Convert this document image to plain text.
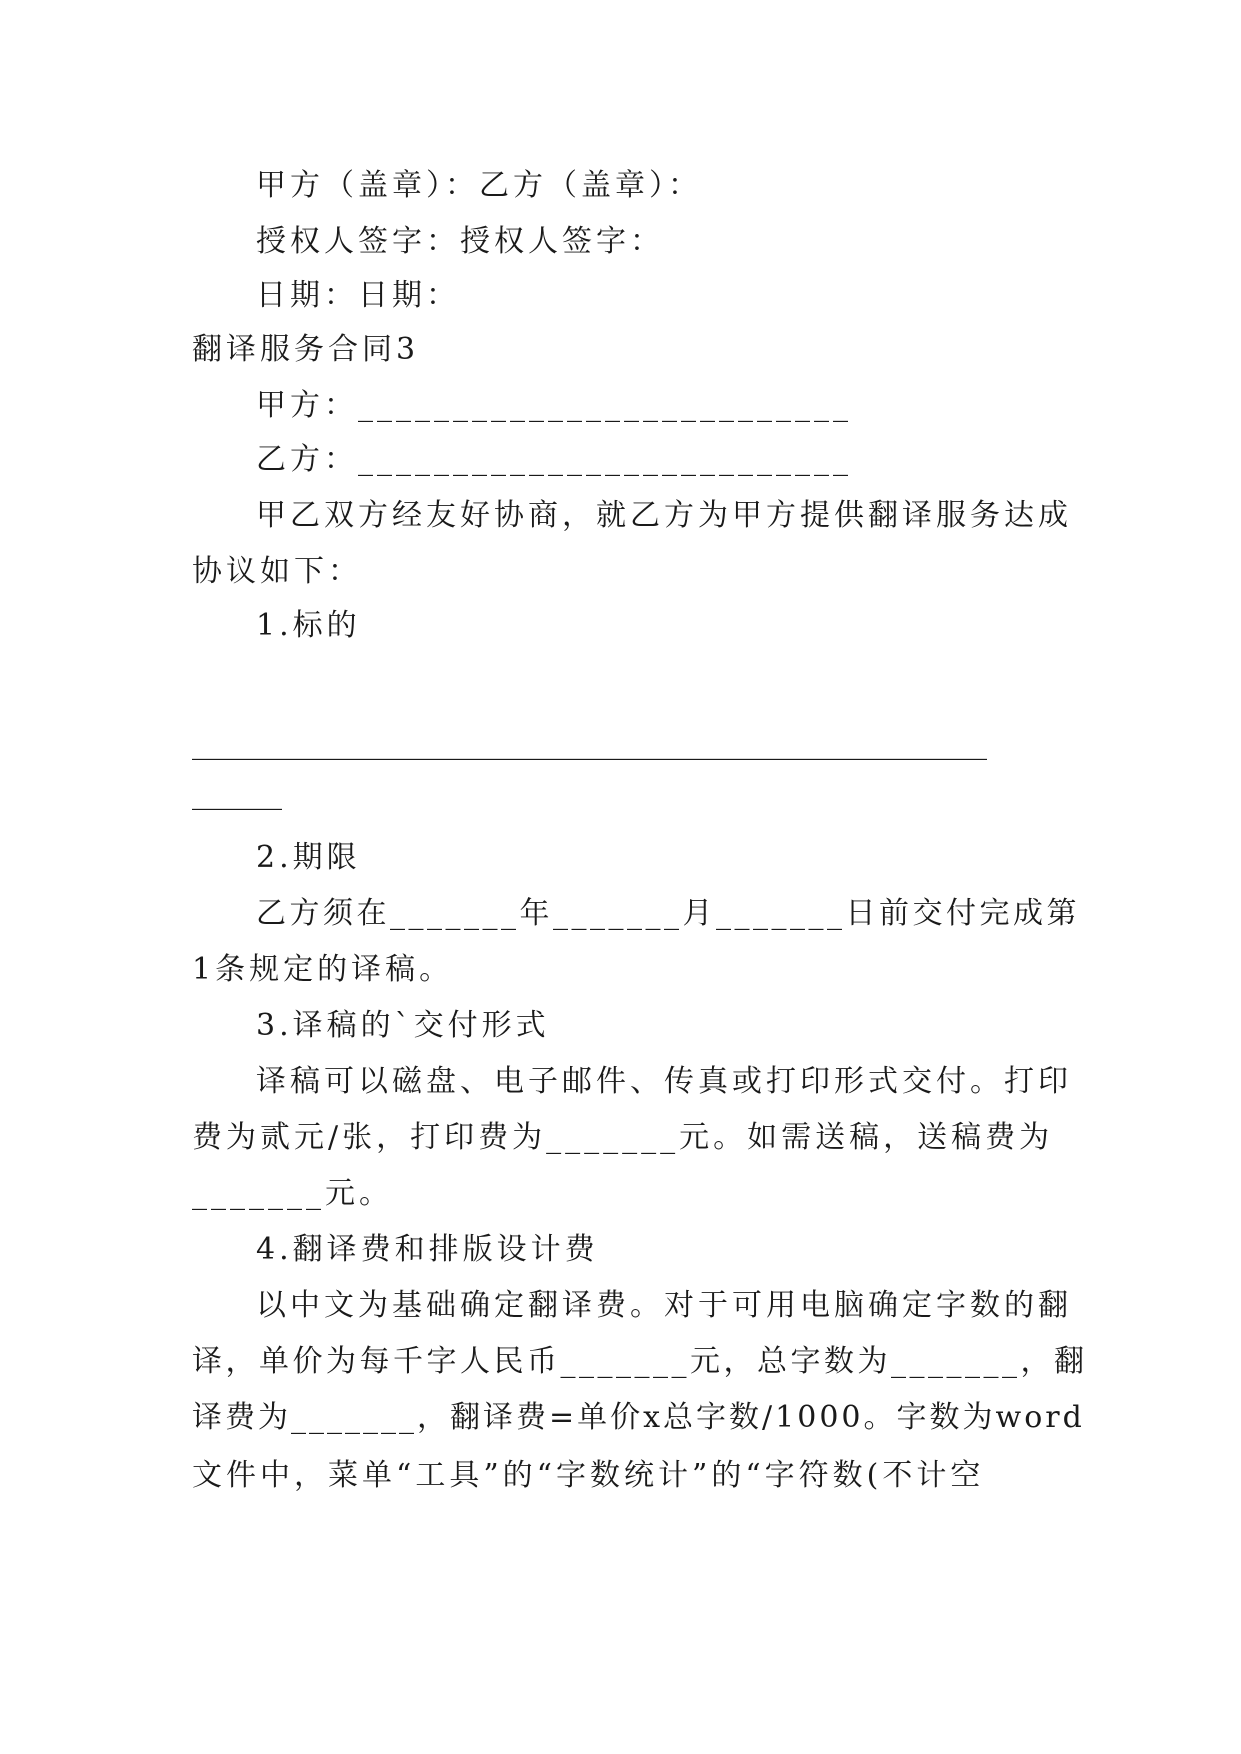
甲方（盖章）：乙方（盖章）：
授权人签字：授权人签字：
日期：日期：
翻译服务合同3
甲方：__________________________
乙方：__________________________
甲乙双方经友好协商，就乙方为甲方提供翻译服务达成
协议如下：
1.标的
_____________________________________________________
______
2.期限
乙方须在_______年_______月_______日前交付完成第
1条规定的译稿。
3.译稿的`交付形式
译稿可以磁盘、电子邮件、传真或打印形式交付。打印
费为贰元/张，打印费为_______元。如需送稿，送稿费为
_______元。
4.翻译费和排版设计费
以中文为基础确定翻译费。对于可用电脑确定字数的翻
译，单价为每千字人民币_______元，总字数为_______，翻
译费为_______，翻译费=单价x总字数/1000。字数为word
文件中，菜单“工具”的“字数统计”的“字符数(不计空
